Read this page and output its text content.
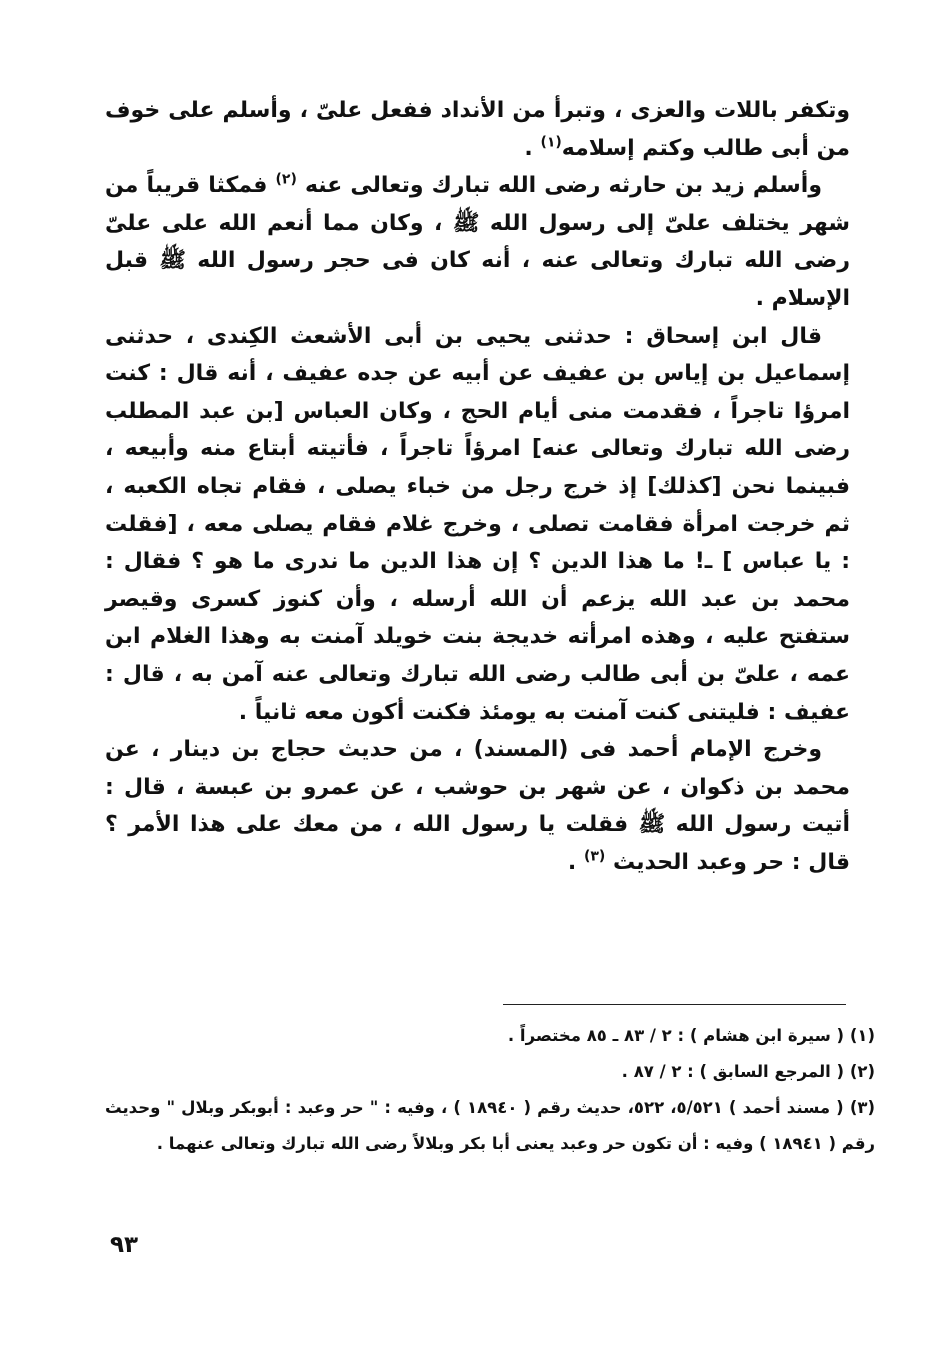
وتكفر باللات والعزى ، وتبرأ من الأنداد ففعل علىّ ، وأسلم على خوف من أبى طالب وكتم إسلامه$^{(١)}$ .

وأسلم زيد بن حارثه رضى الله تبارك وتعالى عنه $^{(٢)}$ فمكثا قريباً من شهر يختلف علىّ إلى رسول الله ﷺ ، وكان مما أنعم الله على علىّ رضى الله تبارك وتعالى عنه ، أنه كان فى حجر رسول الله ﷺ قبل الإسلام .

قال ابن إسحاق : حدثنى يحيى بن أبى الأشعث الكِندى ، حدثنى إسماعيل بن إياس بن عفيف عن أبيه عن جده عفيف ، أنه قال : كنت امرؤا تاجراً ، فقدمت منى أيام الحج ، وكان العباس [بن عبد المطلب رضى الله تبارك وتعالى عنه] امرؤاً تاجراً ، فأتيته أبتاع منه وأبيعه ، فبينما نحن [كذلك] إذ خرج رجل من خباء يصلى ، فقام تجاه الكعبه ، ثم خرجت امرأة فقامت تصلى ، وخرج غلام فقام يصلى معه ، [فقلت : يا عباس ] ـ! ما هذا الدين ؟ إن هذا الدين ما ندرى ما هو ؟ فقال : محمد بن عبد الله يزعم أن الله أرسله ، وأن كنوز كسرى وقيصر ستفتح عليه ، وهذه امرأته خديجة بنت خويلد آمنت به وهذا الغلام ابن عمه ، علىّ بن أبى طالب رضى الله تبارك وتعالى عنه آمن به ، قال : عفيف : فليتنى كنت آمنت به يومئذ فكنت أكون معه ثانياً .

وخرج الإمام أحمد فى (المسند) ، من حديث حجاج بن دينار ، عن محمد بن ذكوان ، عن شهر بن حوشب ، عن عمرو بن عبسة ، قال : أتيت رسول الله ﷺ فقلت يا رسول الله ، من معك على هذا الأمر ؟ قال : حر وعبد الحديث $^{(٣)}$ .

(١) ( سيرة ابن هشام ) : ٢ / ٨٣ ـ ٨٥ مختصراً .

(٢) ( المرجع السابق ) : ٢ / ٨٧ .

(٣) ( مسند أحمد ) ٥/٥٢١، ٥٢٢، حديث رقم ( ١٨٩٤٠ ) ، وفيه : " حر وعبد : أبوبكر وبلال " وحديث رقم ( ١٨٩٤١ ) وفيه : أن تكون حر وعبد يعنى أبا بكر وبلالاً رضى الله تبارك وتعالى عنهما .

٩٣
